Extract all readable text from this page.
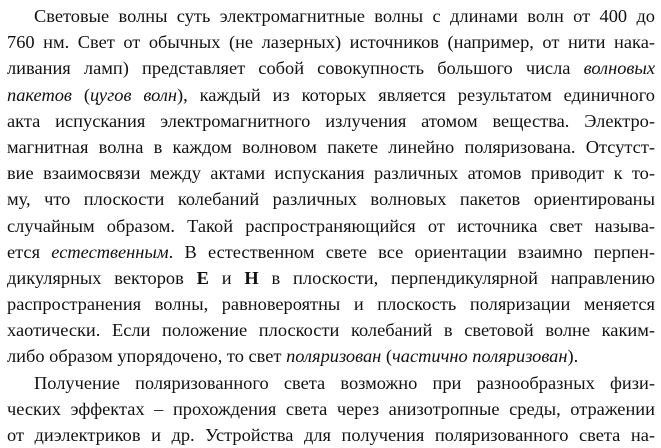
Световые волны суть электромагнитные волны с длинами волн от 400 до
760 нм. Свет от обычных (не лазерных) источников (например, от нити нака-
ливания ламп) представляет собой совокупность большого числа волновых
пакетов (цугов волн), каждый из которых является результатом единичного
акта испускания электромагнитного излучения атомом вещества. Электро-
магнитная волна в каждом волновом пакете линейно поляризована. Отсутст-
вие взаимосвязи между актами испускания различных атомов приводит к то-
му, что плоскости колебаний различных волновых пакетов ориентированы
случайным образом. Такой распространяющийся от источника свет называ-
ется естественным. В естественном свете все ориентации взаимно перпен-
дикулярных векторов E и H в плоскости, перпендикулярной направлению
распространения волны, равновероятны и плоскость поляризации меняется
хаотически. Если положение плоскости колебаний в световой волне каким-
либо образом упорядочено, то свет поляризован (частично поляризован).
Получение поляризованного света возможно при разнообразных физи-
ческих эффектах – прохождения света через анизотропные среды, отражении
от диэлектриков и др. Устройства для получения поляризованного света на-
